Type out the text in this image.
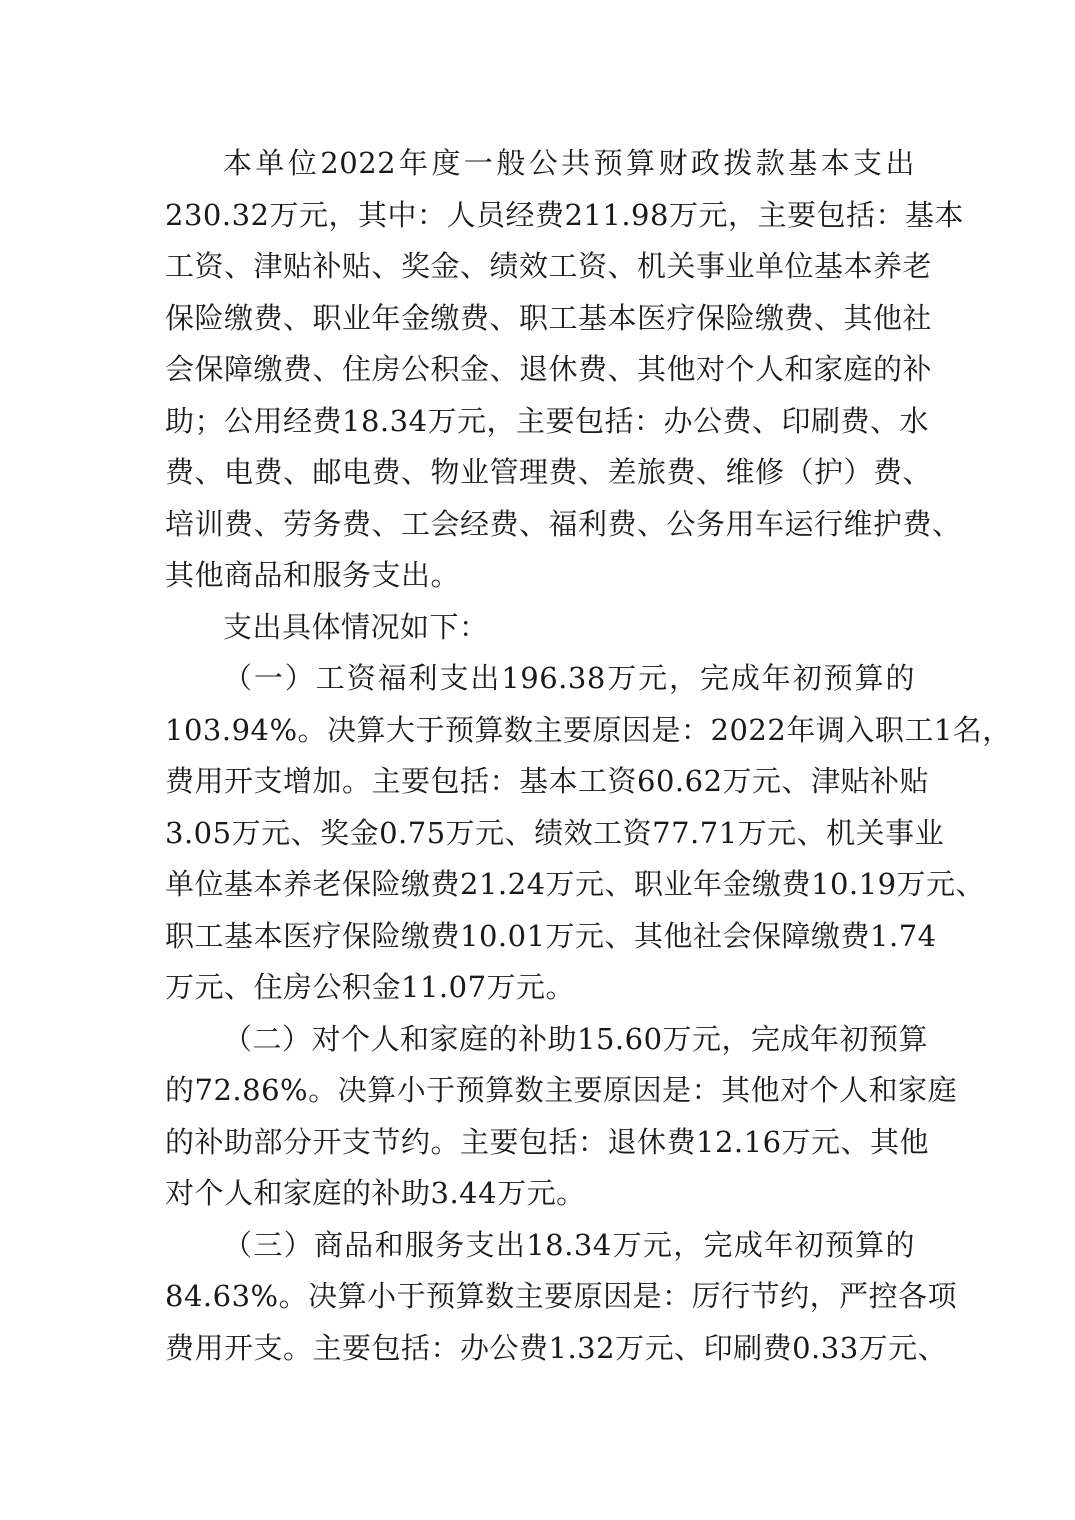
本单位2022年度一般公共预算财政拨款基本支出
230.32万元，其中：人员经费211.98万元，主要包括：基本
工资、津贴补贴、奖金、绩效工资、机关事业单位基本养老
保险缴费、职业年金缴费、职工基本医疗保险缴费、其他社
会保障缴费、住房公积金、退休费、其他对个人和家庭的补
助；公用经费18.34万元，主要包括：办公费、印刷费、水
费、电费、邮电费、物业管理费、差旅费、维修（护）费、
培训费、劳务费、工会经费、福利费、公务用车运行维护费、
其他商品和服务支出。
支出具体情况如下：
（一）工资福利支出196.38万元，完成年初预算的
103.94%。决算大于预算数主要原因是：2022年调入职工1名，
费用开支增加。主要包括：基本工资60.62万元、津贴补贴
3.05万元、奖金0.75万元、绩效工资77.71万元、机关事业
单位基本养老保险缴费21.24万元、职业年金缴费10.19万元、
职工基本医疗保险缴费10.01万元、其他社会保障缴费1.74
万元、住房公积金11.07万元。
（二）对个人和家庭的补助15.60万元，完成年初预算
的72.86%。决算小于预算数主要原因是：其他对个人和家庭
的补助部分开支节约。主要包括：退休费12.16万元、其他
对个人和家庭的补助3.44万元。
（三）商品和服务支出18.34万元，完成年初预算的
84.63%。决算小于预算数主要原因是：厉行节约，严控各项
费用开支。主要包括：办公费1.32万元、印刷费0.33万元、
